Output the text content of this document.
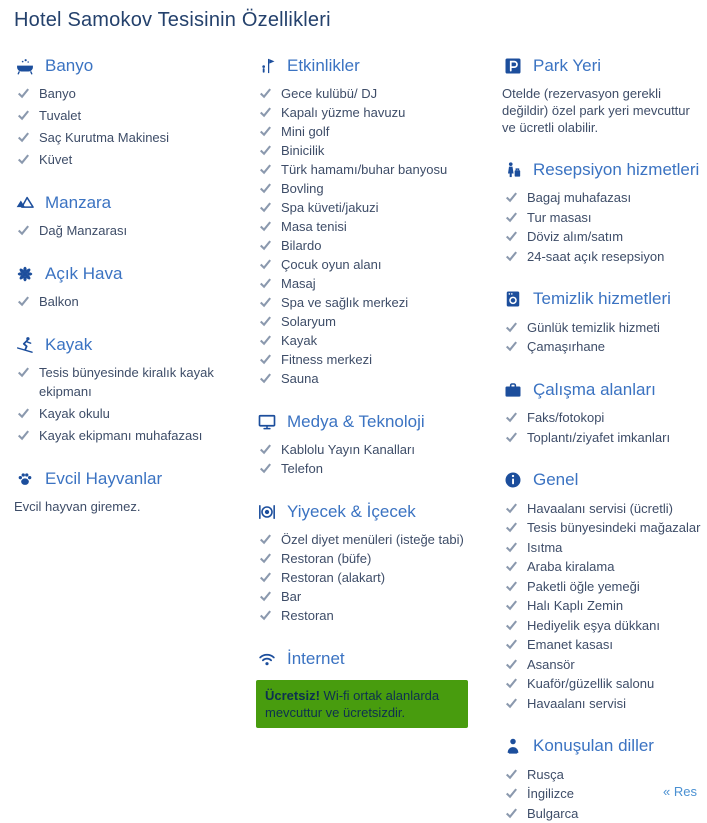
Hotel Samokov Tesisinin Özellikleri
Banyo
Banyo
Tuvalet
Saç Kurutma Makinesi
Küvet
Manzara
Dağ Manzarası
Açık Hava
Balkon
Kayak
Tesis bünyesinde kiralık kayak ekipmanı
Kayak okulu
Kayak ekipmanı muhafazası
Evcil Hayvanlar

Evcil hayvan giremez.

Etkinlikler
Gece kulübü/ DJ
Kapalı yüzme havuzu
Mini golf
Binicilik
Türk hamamı/buhar banyosu
Bovling
Spa küveti/jakuzi
Masa tenisi
Bilardo
Çocuk oyun alanı
Masaj
Spa ve sağlık merkezi
Solaryum
Kayak
Fitness merkezi
Sauna
Medya & Teknoloji
Kablolu Yayın Kanalları
Telefon
Yiyecek & İçecek
Özel diyet menüleri (isteğe tabi)
Restoran (büfe)
Restoran (alakart)
Bar
Restoran
İnternet
Ücretsiz! Wi-fi ortak alanlarda mevcuttur ve ücretsizdir.
Park Yeri

Otelde (rezervasyon gerekli değildir) özel park yeri mevcuttur ve ücretli olabilir.

Resepsiyon hizmetleri
Bagaj muhafazası
Tur masası
Döviz alım/satım
24-saat açık resepsiyon
Temizlik hizmetleri
Günlük temizlik hizmeti
Çamaşırhane
Çalışma alanları
Faks/fotokopi
Toplantı/ziyafet imkanları
Genel
Havaalanı servisi (ücretli)
Tesis bünyesindeki mağazalar
Isıtma
Araba kiralama
Paketli öğle yemeği
Halı Kaplı Zemin
Hediyelik eşya dükkanı
Emanet kasası
Asansör
Kuaför/güzellik salonu
Havaalanı servisi
Konuşulan diller
Rusça
İngilizce
Bulgarca
« Res
